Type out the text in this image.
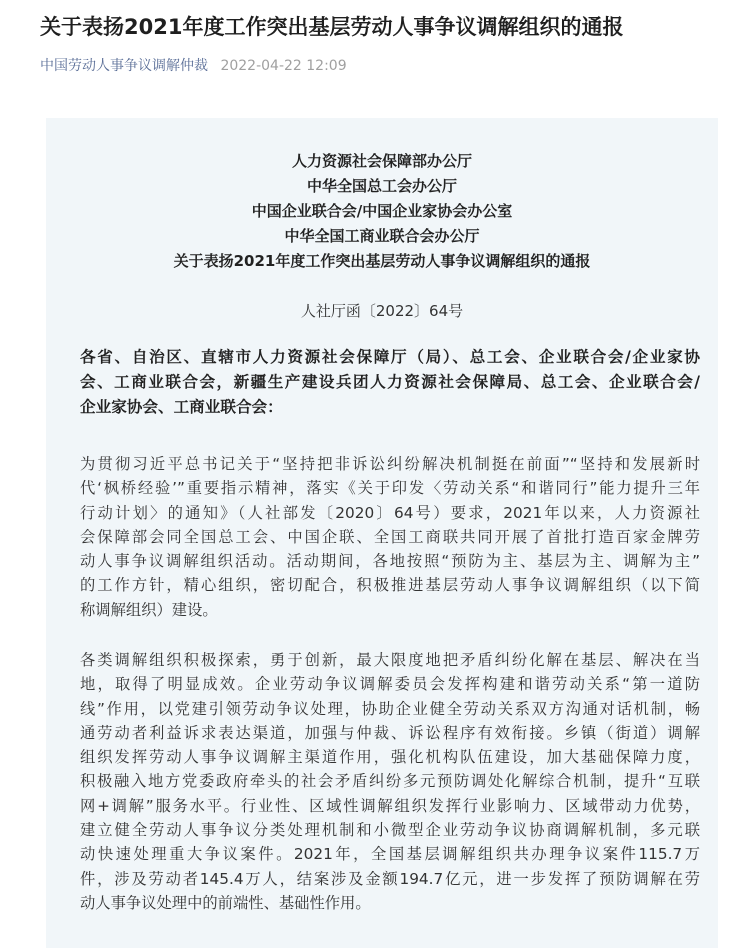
关于表扬2021年度工作突出基层劳动人事争议调解组织的通报
中国劳动人事争议调解仲裁 2022-04-22 12:09
人力资源社会保障部办公厅
中华全国总工会办公厅
中国企业联合会/中国企业家协会办公室
中华全国工商业联合会办公厅
关于表扬2021年度工作突出基层劳动人事争议调解组织的通报
人社厅函〔2022〕64号
各省、自治区、直辖市人力资源社会保障厅（局）、总工会、企业联合会/企业家协
会、工商业联合会，新疆生产建设兵团人力资源社会保障局、总工会、企业联合会/
企业家协会、工商业联合会：
为贯彻习近平总书记关于“坚持把非诉讼纠纷解决机制挺在前面”“坚持和发展新时
代‘枫桥经验’”重要指示精神，落实《关于印发〈劳动关系“和谐同行”能力提升三年
行动计划〉的通知》（人社部发〔2020〕64号）要求，2021年以来，人力资源社
会保障部会同全国总工会、中国企联、全国工商联共同开展了首批打造百家金牌劳
动人事争议调解组织活动。活动期间，各地按照“预防为主、基层为主、调解为主”
的工作方针，精心组织，密切配合，积极推进基层劳动人事争议调解组织（以下简
称调解组织）建设。
各类调解组织积极探索，勇于创新，最大限度地把矛盾纠纷化解在基层、解决在当
地，取得了明显成效。企业劳动争议调解委员会发挥构建和谐劳动关系“第一道防
线”作用，以党建引领劳动争议处理，协助企业健全劳动关系双方沟通对话机制，畅
通劳动者利益诉求表达渠道，加强与仲裁、诉讼程序有效衔接。乡镇（街道）调解
组织发挥劳动人事争议调解主渠道作用，强化机构队伍建设，加大基础保障力度，
积极融入地方党委政府牵头的社会矛盾纠纷多元预防调处化解综合机制，提升“互联
网+调解”服务水平。行业性、区域性调解组织发挥行业影响力、区域带动力优势，
建立健全劳动人事争议分类处理机制和小微型企业劳动争议协商调解机制，多元联
动快速处理重大争议案件。2021年，全国基层调解组织共办理争议案件115.7万
件，涉及劳动者145.4万人，结案涉及金额194.7亿元，进一步发挥了预防调解在劳
动人事争议处理中的前端性、基础性作用。
